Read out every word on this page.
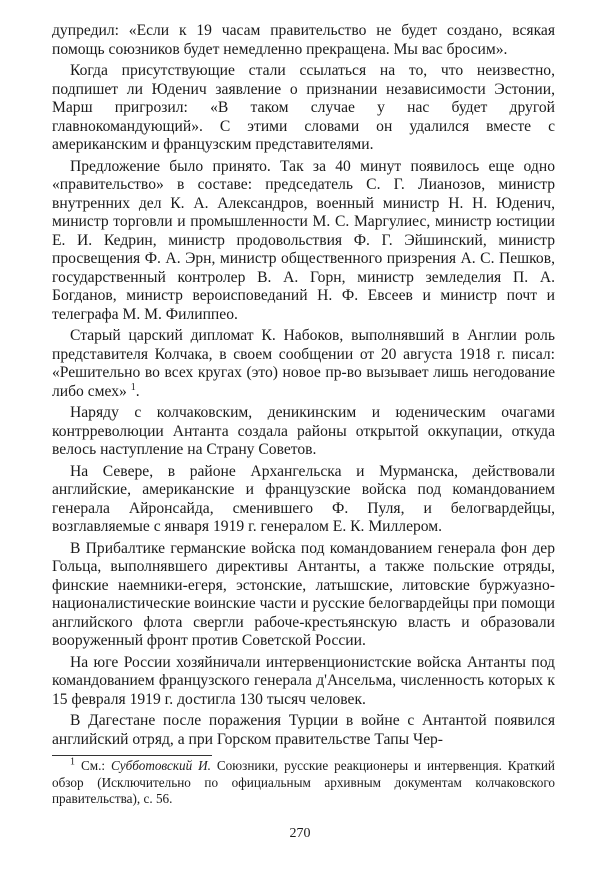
дупредил: «Если к 19 часам правительство не будет создано, всякая помощь союзников будет немедленно прекращена. Мы вас бросим».

Когда присутствующие стали ссылаться на то, что неизвестно, подпишет ли Юденич заявление о признании независимости Эстонии, Марш пригрозил: «В таком случае у нас будет другой главнокомандующий». С этими словами он удалился вместе с американским и французским представителями.

Предложение было принято. Так за 40 минут появилось еще одно «правительство» в составе: председатель С. Г. Лианозов, министр внутренних дел К. А. Александров, военный министр Н. Н. Юденич, министр торговли и промышленности М. С. Маргулиес, министр юстиции Е. И. Кедрин, министр продовольствия Ф. Г. Эйшинский, министр просвещения Ф. А. Эрн, министр общественного призрения А. С. Пешков, государственный контролер В. А. Горн, министр земледелия П. А. Богданов, министр вероисповеданий Н. Ф. Евсеев и министр почт и телеграфа М. М. Филиппео.

Старый царский дипломат К. Набоков, выполнявший в Англии роль представителя Колчака, в своем сообщении от 20 августа 1918 г. писал: «Решительно во всех кругах (это) новое пр-во вызывает лишь негодование либо смех» $^1$.

Наряду с колчаковским, деникинским и юденическим очагами контрреволюции Антанта создала районы открытой оккупации, откуда велось наступление на Страну Советов.

На Севере, в районе Архангельска и Мурманска, действовали английские, американские и французские войска под командованием генерала Айронсайда, сменившего Ф. Пуля, и белогвардейцы, возглавляемые с января 1919 г. генералом Е. К. Миллером.

В Прибалтике германские войска под командованием генерала фон дер Гольца, выполнявшего директивы Антанты, а также польские отряды, финские наемники-егеря, эстонские, латышские, литовские буржуазно-националистические воинские части и русские белогвардейцы при помощи английского флота свергли рабоче-крестьянскую власть и образовали вооруженный фронт против Советской России.

На юге России хозяйничали интервенционистские войска Антанты под командованием французского генерала д'Ансельма, численность которых к 15 февраля 1919 г. достигла 130 тысяч человек.

В Дагестане после поражения Турции в войне с Антантой появился английский отряд, а при Горском правительстве Тапы Чер-

$^1$ См.: Субботовский И. Союзники, русские реакционеры и интервенция. Краткий обзор (Исключительно по официальным архивным документам колчаковского правительства), с. 56.

270
